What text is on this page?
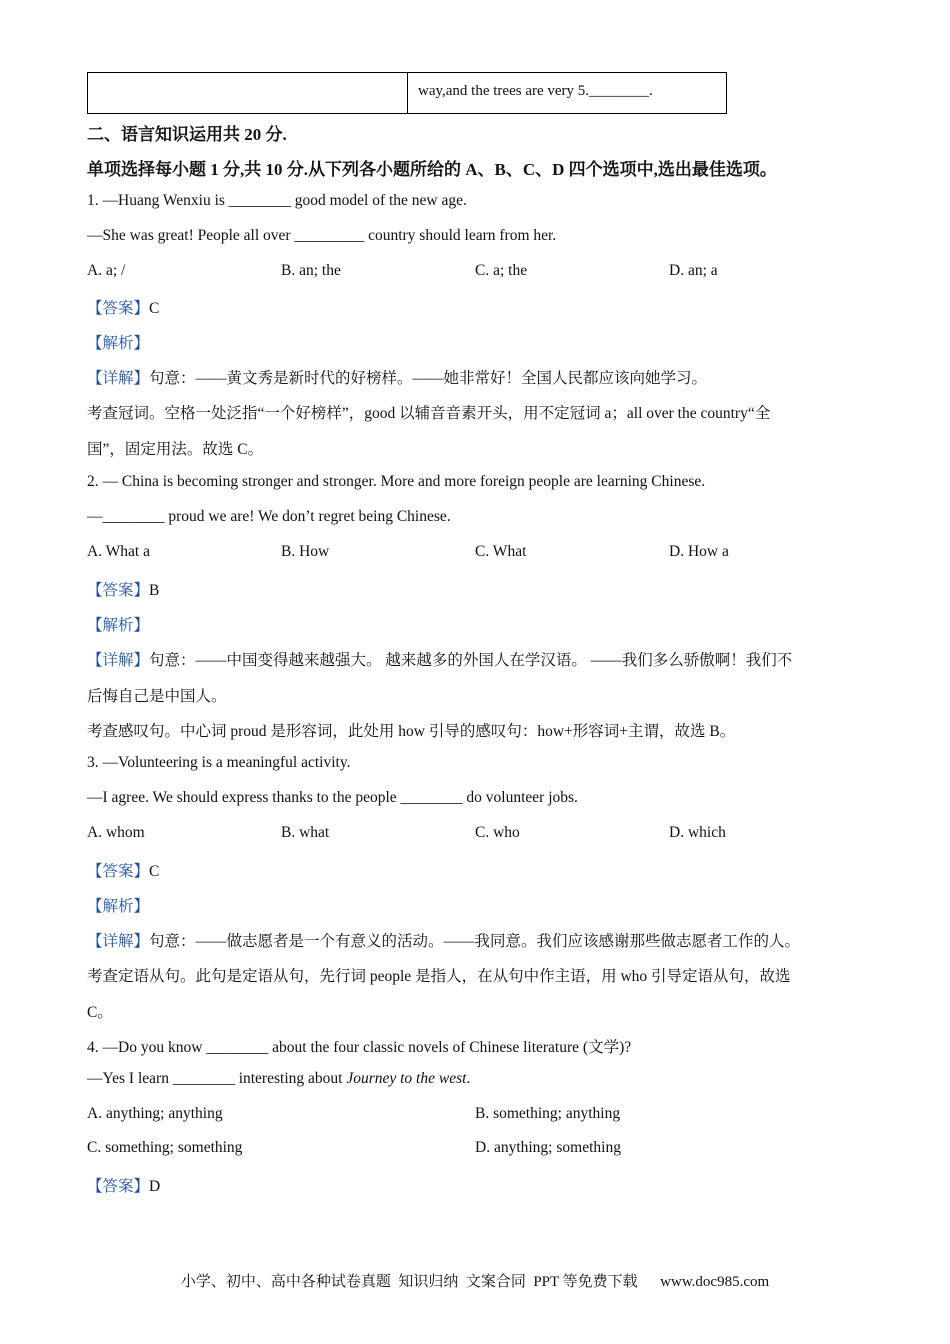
way,and the trees are very 5.________.
二、语言知识运用共 20 分.
单项选择每小题 1 分,共 10 分.从下列各小题所给的 A、B、C、D 四个选项中,选出最佳选项。
1. —Huang Wenxiu is ________ good model of the new age.
—She was great! People all over _________ country should learn from her.
A. a; /	B. an; the	C. a; the	D. an; a
【答案】C
【解析】
【详解】句意：——黄文秀是新时代的好榜样。——她非常好！全国人民都应该向她学习。
考查冠词。空格一处泛指“一个好榜样”，good 以辅音音素开头，用不定冠词 a；all over the country“全
国”，固定用法。故选 C。
2. — China is becoming stronger and stronger. More and more foreign people are learning Chinese.
—________ proud we are! We don’t regret being Chinese.
A. What a	B. How	C. What	D. How a
【答案】B
【解析】
【详解】句意：——中国变得越来越强大。 越来越多的外国人在学汉语。 ——我们多么骄傲啊！我们不
后悔自己是中国人。
考查感叹句。中心词 proud 是形容词，此处用 how 引导的感叹句：how+形容词+主谓，故选 B。
3. —Volunteering is a meaningful activity.
—I agree. We should express thanks to the people ________ do volunteer jobs.
A. whom	B. what	C. who	D. which
【答案】C
【解析】
【详解】句意：——做志愿者是一个有意义的活动。——我同意。我们应该感谢那些做志愿者工作的人。
考查定语从句。此句是定语从句，先行词 people 是指人，在从句中作主语，用 who 引导定语从句，故选
C。
4. —Do you know ________ about the four classic novels of Chinese literature (文学)?
—Yes I learn ________ interesting about Journey to the west.
A. anything; anything	B. something; anything
C. something; something	D. anything; something
【答案】D
小学、初中、高中各种试卷真题  知识归纳  文案合同  PPT 等免费下载      www.doc985.com
